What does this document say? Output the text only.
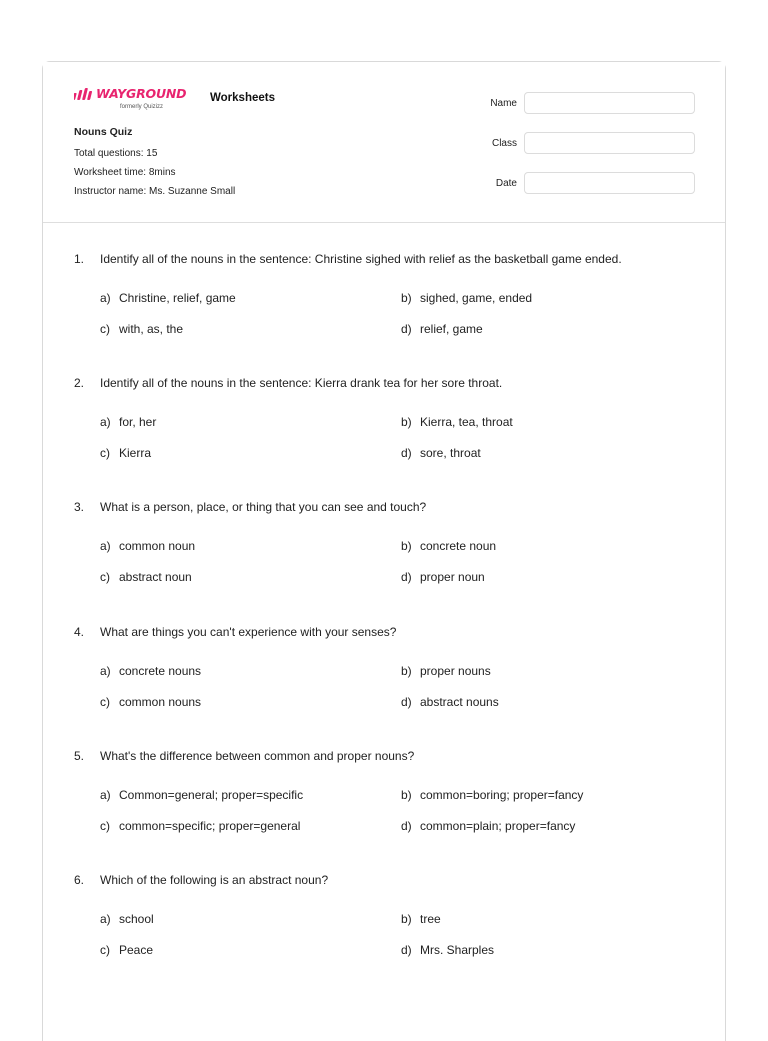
WAYGROUND
formerly Quizizz
Worksheets
Nouns Quiz
Total questions: 15
Worksheet time: 8mins
Instructor name: Ms. Suzanne Small
Name
Class
Date
1. Identify all of the nouns in the sentence: Christine sighed with relief as the basketball game ended.
a) Christine, relief, game	b) sighed, game, ended
c) with, as, the	d) relief, game
2. Identify all of the nouns in the sentence: Kierra drank tea for her sore throat.
a) for, her	b) Kierra, tea, throat
c) Kierra	d) sore, throat
3. What is a person, place, or thing that you can see and touch?
a) common noun	b) concrete noun
c) abstract noun	d) proper noun
4. What are things you can't experience with your senses?
a) concrete nouns	b) proper nouns
c) common nouns	d) abstract nouns
5. What's the difference between common and proper nouns?
a) Common=general; proper=specific	b) common=boring; proper=fancy
c) common=specific; proper=general	d) common=plain; proper=fancy
6. Which of the following is an abstract noun?
a) school	b) tree
c) Peace	d) Mrs. Sharples
